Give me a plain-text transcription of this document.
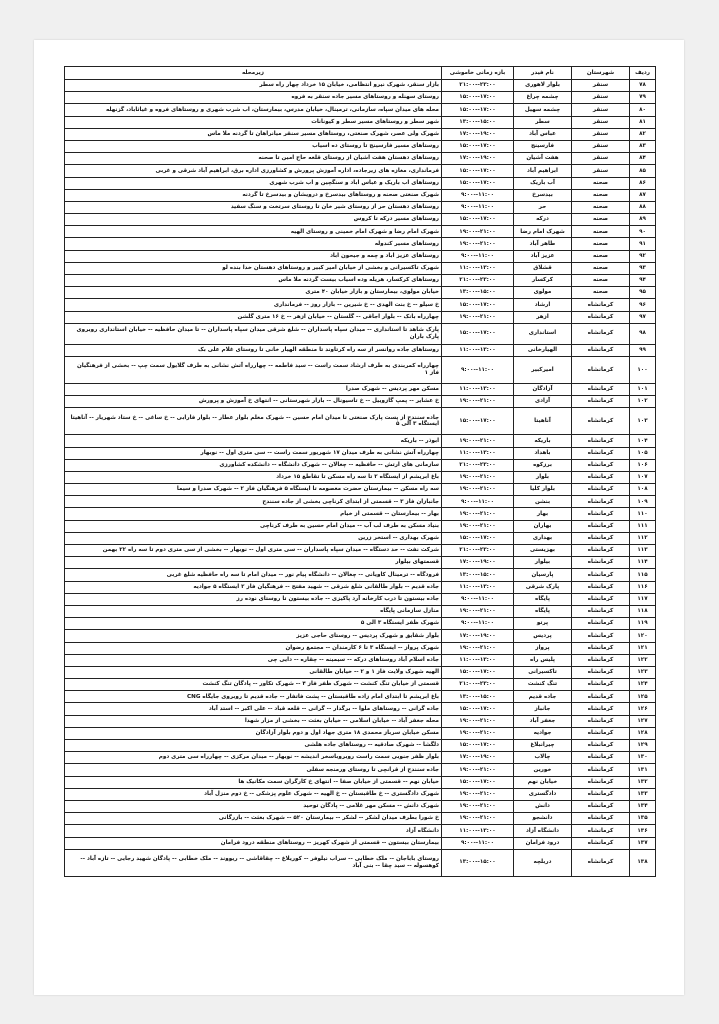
ردیف	شهرستان	نام فیدر	بازه زمانی خاموشی	زیرمحله
۷۸	سنقر	بلوار لاهوری	۲۱:۰۰--۲۳:۰۰	بازار سنقر، شهرک نیرو انتظامی، خیابان ۱۵ خرداد چهار راه سطر
۷۹	سنقر	چشمه چراغ	۱۵:۰۰--۱۷:۰۰	روستای سهنله و روستاهای مسیر جاده سنقر به فروه
۸۰	سنقر	چشمه سهیل	۱۵:۰۰--۱۷:۰۰	محله های میدان سپاه، سازمانی، ترمینال، خیابان مدرس، بیمارستان، اب شرب شهری و روستاهای فروه و غیاثاباد، گزنهله
۸۱	سنقر	سطر	۱۳:۰۰--۱۵:۰۰	شهر سطر و روستاهای مسیر سطر و کیونانات
۸۲	سنقر	عباس آباد	۱۷:۰۰--۱۹:۰۰	شهرک ولی عصر، شهرک صنعتی، روستاهای مسیر سنقر میانراهان تا گردنه ملا ماس
۸۳	سنقر	فارسینج	۱۵:۰۰--۱۷:۰۰	روستاهای مسیر فارسینج تا روستای ده اسیاب
۸۴	سنقر	هفت آشیان	۱۷:۰۰--۱۹:۰۰	روستاهای دهستان هفت اشیان از روستای قلعه حاج امین تا صحنه
۸۵	سنقر	ابراهیم آباد	۱۵:۰۰--۱۷:۰۰	فرمانداری، مغازه های زیرجاده، اداره آموزش پرورش و کشاورزی اداره برق، ابراهیم آباد شرقی و غربی
۸۶	صحنه	آب باریک	۱۵:۰۰--۱۷:۰۰	روستاهای اب باریک و عباس اباد و سنگچین و اب شرب شهری
۸۷	صحنه	بیدسرخ	۹:۰۰--۱۱:۰۰	شهرک صنعتی صحنه و روستاهای بیدسرخ و درویشان و بیدسرخ تا گردنه
۸۸	صحنه	حر	۹:۰۰--۱۱:۰۰	روستاهای دهستان حر از روستای شیر خان تا روستای سرتخت و سنگ سفید
۸۹	صحنه	درکه	۱۵:۰۰--۱۷:۰۰	روستاهای مسیر درکه تا کروس
۹۰	صحنه	شهرک امام رضا	۱۹:۰۰--۲۱:۰۰	شهرک امام رضا و شهرک امام خمینی و روستای الهیه
۹۱	صحنه	طاهر آباد	۱۹:۰۰--۲۱:۰۰	روستاهای مسیر کندوله
۹۲	صحنه	عزیز آباد	۹:۰۰--۱۱:۰۰	روستاهای عزیز اباد و چمه و جیحون اباد
۹۳	صحنه	قشلاق	۱۱:۰۰--۱۳:۰۰	شهرک تاکسیرانی و بخشی از خیابان امیر کبیر و روستاهای دهستان خدا بنده لو
۹۴	صحنه	کرکسار	۲۱:۰۰--۲۳:۰۰	روستاهای کرکسار، هریله وده اسیاب بیست گردنه ملا ماس
۹۵	صحنه	مولوی	۱۳:۰۰--۱۵:۰۰	خیابان مولوی، بیمارستان و بازار خیابان ۴۰ متری
۹۶	کرمانشاه	ارشاد	۱۵:۰۰--۱۷:۰۰	خ سیلو -- خ بنت الهدی -- خ شیرین -- بازار روز -- فرمانداری
۹۷	کرمانشاه	ازهر	۱۹:۰۰--۲۱:۰۰	چهارراه بانک -- بلوار اجاقی -- گلستان -- خیابان ازهر -- خ ۱۶ متری گلشن
۹۸	کرمانشاه	استانداری	۱۵:۰۰--۱۷:۰۰	پارک شاهد تا استانداری -- میدان سپاه پاسداران -- شلغ شرقی میدان سپاه پاسداران -- تا میدان حافظیه -- خیابان استانداری روبروی پارک باران
۹۹	کرمانشاه	الهیارخانی	۱۱:۰۰--۱۳:۰۰	روستاهای جاده روانسر از سه راه کرتاوند تا منطقه الهیار خانی تا روستای غلام علی بک
۱۰۰	کرمانشاه	امیرکبیر	۹:۰۰--۱۱:۰۰	چهارراه کمربندی به طرف ارشاد سمت راست -- سید فاطمه -- چهارراه آتش نشانی به طرف گلایول سمت چپ -- بخشی از فرهنگیان فاز ۱
۱۰۱	کرمانشاه	آزادگان	۱۱:۰۰--۱۳:۰۰	مسکن مهر پردیس -- شهرک صدرا
۱۰۲	کرمانشاه	آزادی	۱۹:۰۰--۲۱:۰۰	خ عشایر -- پمپ گازوییل -- خ تاسیونال -- بازار شهرستانی -- انتهای خ آموزش و پرورش
۱۰۳	کرمانشاه	آناهیتا	۱۵:۰۰--۱۷:۰۰	جاده سنندج از پست پارک صنعتی تا میدان امام حسین -- شهرک معلم بلوار عطار -- بلوار فارابی -- خ ساغی -- خ ستاد شهریار -- آناهیتا ایستگاه ۳ الی ۵
۱۰۴	کرمانشاه	باریکه	۱۹:۰۰--۲۱:۰۰	ابوذر -- باریکه
۱۰۵	کرمانشاه	باهداد	۱۱:۰۰--۱۳:۰۰	چهارراه آتش نشانی به طرف میدان ۱۷ شهریور سمت راست -- سی متری اول -- نوبهار
۱۰۶	کرمانشاه	برزکوه	۲۱:۰۰--۲۳:۰۰	سازمانی های ارتش -- حافظیه -- چغالان -- شهرک دانشگاه -- دانشکده کشاورزی
۱۰۷	کرمانشاه	بلوار	۱۹:۰۰--۲۱:۰۰	باغ ابریشم از ایستگاه ۲ تا سه راه مسکن تا تقاطع ۱۵ خرداد
۱۰۸	کرمانشاه	بلوار کلیا	۱۹:۰۰--۲۱:۰۰	سه راه مسکن -- بیمارستان حضرت معصومه تا ایستگاه ۵ فرهنگیان فاز ۲ -- شهرک صدرا و سیما
۱۰۹	کرمانشاه	بنشن	۹:۰۰--۱۱:۰۰	جانبازان فاز ۳ -- قسمتی از ابتدای کرناچی بخشی از جاده سنندج
۱۱۰	کرمانشاه	بهار	۱۹:۰۰--۲۱:۰۰	بهار -- بیمارستان -- قسمتی از خیام
۱۱۱	کرمانشاه	بهاران	۱۹:۰۰--۲۱:۰۰	بنیاد مسکن به طرف لب آب -- میدان امام حسین به طرف کرناچی
۱۱۲	کرمانشاه	بهداری	۱۵:۰۰--۱۷:۰۰	شهرک بهداری -- استخر زرین
۱۱۳	کرمانشاه	بهزیستی	۲۱:۰۰--۲۳:۰۰	شرکت نفت -- حد دستگاه -- میدان سپاه پاسداران -- سی متری اول -- نوبهار -- بخشی از سی متری دوم تا سه راه ۲۲ بهمن
۱۱۴	کرمانشاه	بیلوار	۱۷:۰۰--۱۹:۰۰	قسمتهای بیلوار
۱۱۵	کرمانشاه	پارسیان	۱۳:۰۰--۱۵:۰۰	فرودگاه -- ترمینال کاویانی -- چغالان -- دانشگاه پیام نور -- میدان امام تا سه راه حافظیه شلغ غربی
۱۱۶	کرمانشاه	پارک شرقی	۱۱:۰۰--۱۳:۰۰	جاده قدیم -- بلوار طالقانی شلغ شرقی -- شهید مفتح -- فرهنگیان فاز ۲ ایستگاه ۵ جوادیه
۱۱۷	کرمانشاه	پایگاه	۹:۰۰--۱۱:۰۰	جاده بیستون تا درب کارخانه آرد پاکیزی -- جاده بیستون تا روستای نوده رز
۱۱۸	کرمانشاه	پایگاه	۱۹:۰۰--۲۱:۰۰	منازل سازمانی پایگاه
۱۱۹	کرمانشاه	پرتو	۹:۰۰--۱۱:۰۰	شهرک ظفر ایستگاه ۳ الی ۵
۱۲۰	کرمانشاه	پردیس	۱۷:۰۰--۱۹:۰۰	بلوار شقایق و شهرک پردیس -- روستای حاجی عزیز
۱۲۱	کرمانشاه	پرواز	۱۹:۰۰--۲۱:۰۰	شهرک پرواز -- ایستگاه ۳ تا ۶ کارمندان -- مجتمع رضوان
۱۲۲	کرمانشاه	پلیس راه	۱۱:۰۰--۱۳:۰۰	جاده اسلام آباد روستاهای درکه -- سیمینه -- چقاره -- دایی چی
۱۲۳	کرمانشاه	تاکسیرانی	۱۵:۰۰--۱۷:۰۰	الهیه شهرک ولایت فاز ۱ و ۲ -- خیابان طالقانی
۱۲۴	کرمانشاه	تنگ کنشت	۲۱:۰۰--۲۳:۰۰	قسمتی از خیابان تنگ کنشت -- شهرک ظفر فاز ۴ -- شهرک تکاور -- پادگان تنگ کنشت
۱۲۵	کرمانشاه	جاده قدیم	۱۳:۰۰--۱۵:۰۰	باغ ابریشم تا ابتدای امام زاده طاقبستان -- پشت فاتفار -- جاده قدیم تا روبروی جایگاه CNG
۱۲۶	کرمانشاه	جانباز	۱۵:۰۰--۱۷:۰۰	جاده گرانی -- روستاهای ملوا -- برگدار -- گرانی -- قلعه قباد -- علی اکبر -- استد آباد
۱۲۷	کرمانشاه	جعفر آباد	۱۹:۰۰--۲۱:۰۰	محله جعفر آباد -- خیابان اسلامی -- خیابان بعثت -- بخشی از مزار شهدا
۱۲۸	کرمانشاه	جوادیه	۱۹:۰۰--۲۱:۰۰	مسکن خیابان سرباز محمدی ۱۸ متری جهاد اول و دوم بلوار آزادگان
۱۲۹	کرمانشاه	چیرانبلاغ	۱۵:۰۰--۱۷:۰۰	دلگشا -- شهرک صادقیه -- روستاهای جاده هلشی
۱۳۰	کرمانشاه	چالاب	۱۷:۰۰--۱۹:۰۰	بلوار ظفر جنوبی سمت راست روبروباسخر اندیشه -- نوبهار -- میدان مرکزی -- چهارراه سی متری دوم
۱۳۱	کرمانشاه	خورین	۱۹:۰۰--۲۱:۰۰	جاده سنندج از قرانچی تا روستای ورمنجه سفلی
۱۳۲	کرمانشاه	خیابان نهم	۱۵:۰۰--۱۷:۰۰	خیابان نهم -- قسمتی از خیابان صفا -- انتهای خ کارگران سمت مکانیک ها
۱۳۳	کرمانشاه	دادگستری	۱۹:۰۰--۲۱:۰۰	شهرک دادگستری -- خ طاقبستان -- خ الهیه -- شهرک علوم پزشکی -- خ دوم منزل آباد
۱۳۴	کرمانشاه	دانش	۱۹:۰۰--۲۱:۰۰	شهرک دانش -- مسکن مهر غلامی -- پادگان توحید
۱۳۵	کرمانشاه	دانشجو	۱۹:۰۰--۲۱:۰۰	خ شورا بطرف میدان لشکر -- لشکر -- بیمارستان ۵۲۰ -- شهرک بعثت -- بازرگانی
۱۳۶	کرمانشاه	دانشگاه آزاد	۱۱:۰۰--۱۳:۰۰	دانشگاه آزاد
۱۳۷	کرمانشاه	درود فرامان	۹:۰۰--۱۱:۰۰	بیمارستان بیستون -- قسمتی از شهرک کهریز -- روستاهای منطقه درود فرامان
۱۳۸	کرمانشاه	دربلچه	۱۳:۰۰--۱۵:۰۰	روستای باباجان -- ملک خطابی -- سراب نیلوفر -- کوریلاغ -- چقاقاشی -- ریووند -- ملک خطابی -- پادگان شهید رجایی -- تازه آباد -- کوهسوله -- سید چقا -- بنی آباد
